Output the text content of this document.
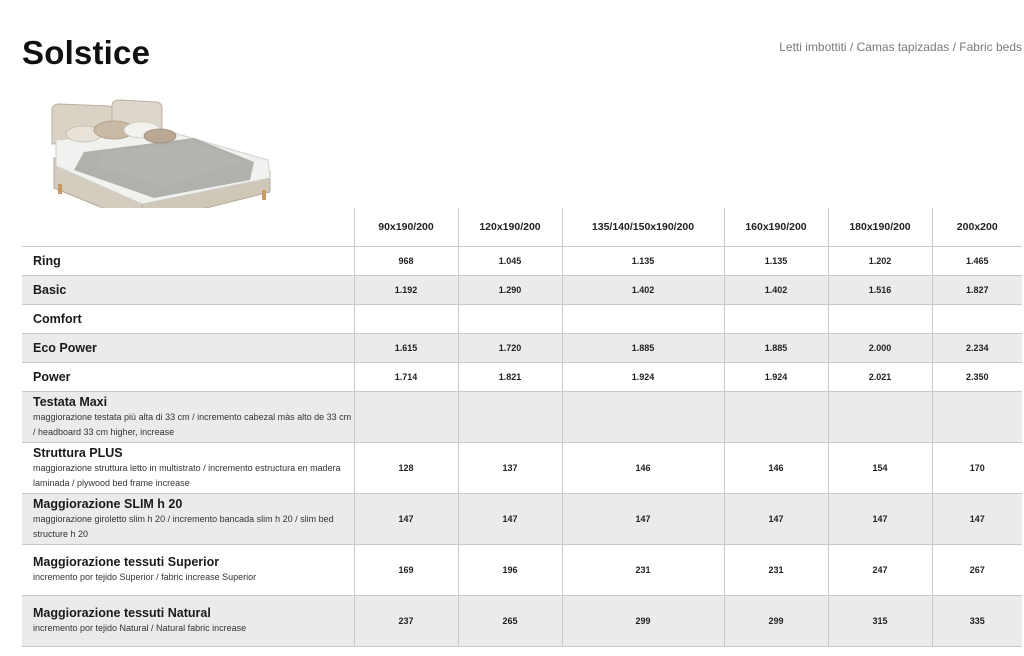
Solstice	Letti imbottiti / Camas tapizadas / Fabric beds
	90x190/200	120x190/200	135/140/150x190/200	160x190/200	180x190/200	200x200

Ring	968	1.045	1.135	1.135	1.202	1.465

Basic	1.192	1.290	1.402	1.402	1.516	1.827

Comfort						

Eco Power	1.615	1.720	1.885	1.885	2.000	2.234

Power	1.714	1.821	1.924	1.924	2.021	2.350

Testata Maxi
maggiorazione testata più alta di 33 cm / incremento cabezal màs alto de 33 cm / headboard 33 cm higher, increase						

Struttura PLUS
maggiorazione struttura letto in multistrato / incremento estructura en madera laminada / plywood bed frame increase	128	137	146	146	154	170

Maggiorazione SLIM h 20
maggiorazione giroletto slim h 20 / incremento bancada slim h 20 / slim bed structure h 20	147	147	147	147	147	147

Maggiorazione tessuti Superior
incremento por tejido Superior / fabric increase Superior	169	196	231	231	247	267

Maggiorazione tessuti Natural
incremento por tejido Natural / Natural fabric increase	237	265	299	299	315	335
